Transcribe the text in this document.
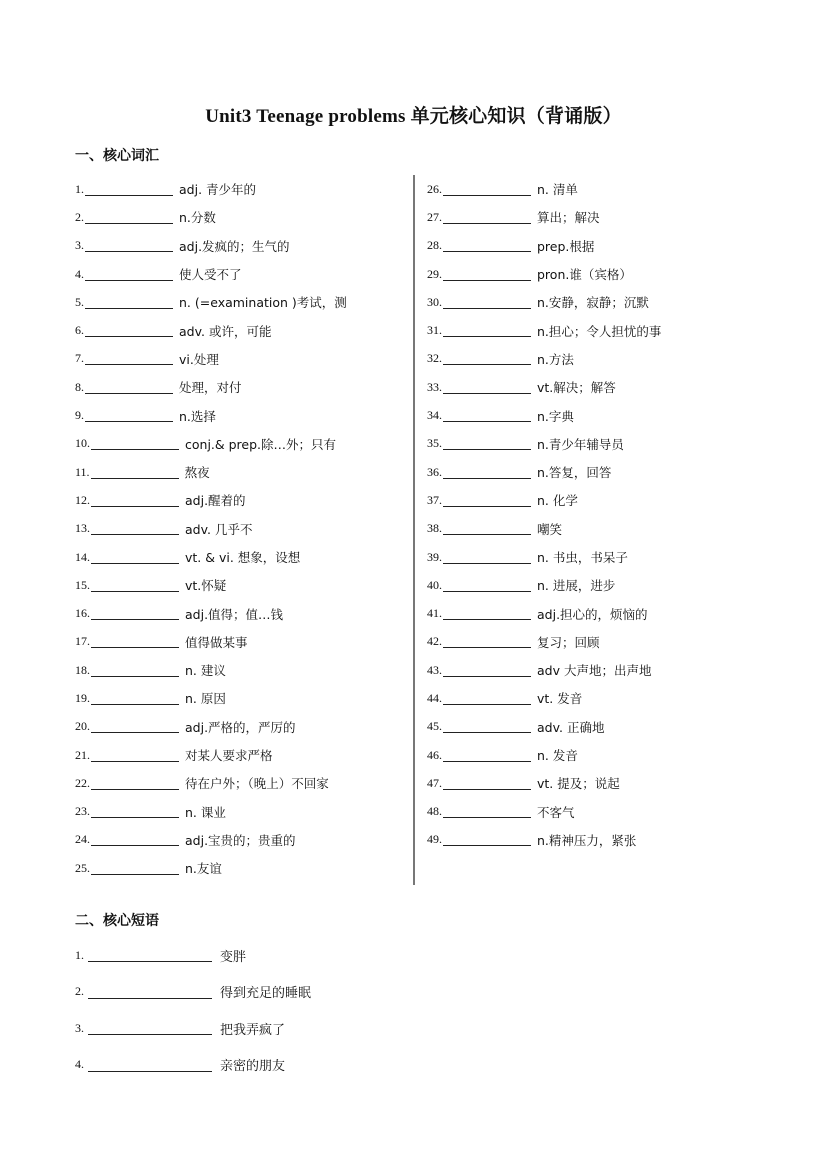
Unit3 Teenage problems 单元核心知识（背诵版）
一、核心词汇
1.	adj. 青少年的
2.	n.分数
3.	adj.发疯的；生气的
4.	使人受不了
5.	n. (=examination )考试，测
6.	adv. 或许，可能
7.	vi.处理
8.	处理，对付
9.	n.选择
10.	conj.& prep.除…外；只有
11.	熬夜
12.	adj.醒着的
13.	adv. 几乎不
14.	vt. & vi. 想象，设想
15.	vt.怀疑
16.	adj.值得；值…钱
17.	值得做某事
18.	n. 建议
19.	n. 原因
20.	adj.严格的，严厉的
21.	对某人要求严格
22.	待在户外；（晚上）不回家
23.	n. 课业
24.	adj.宝贵的；贵重的
25.	n.友谊
26.	n. 清单
27.	算出；解决
28.	prep.根据
29.	pron.谁（宾格）
30.	n.安静，寂静；沉默
31.	n.担心；令人担忧的事
32.	n.方法
33.	vt.解决；解答
34.	n.字典
35.	n.青少年辅导员
36.	n.答复，回答
37.	n. 化学
38.	嘲笑
39.	n. 书虫，书呆子
40.	n. 进展，进步
41.	adj.担心的，烦恼的
42.	复习；回顾
43.	adv 大声地；出声地
44.	vt. 发音
45.	adv. 正确地
46.	n. 发音
47.	vt. 提及；说起
48.	不客气
49.	n.精神压力，紧张
二、核心短语
1.	变胖
2.	得到充足的睡眠
3.	把我弄疯了
4.	亲密的朋友
